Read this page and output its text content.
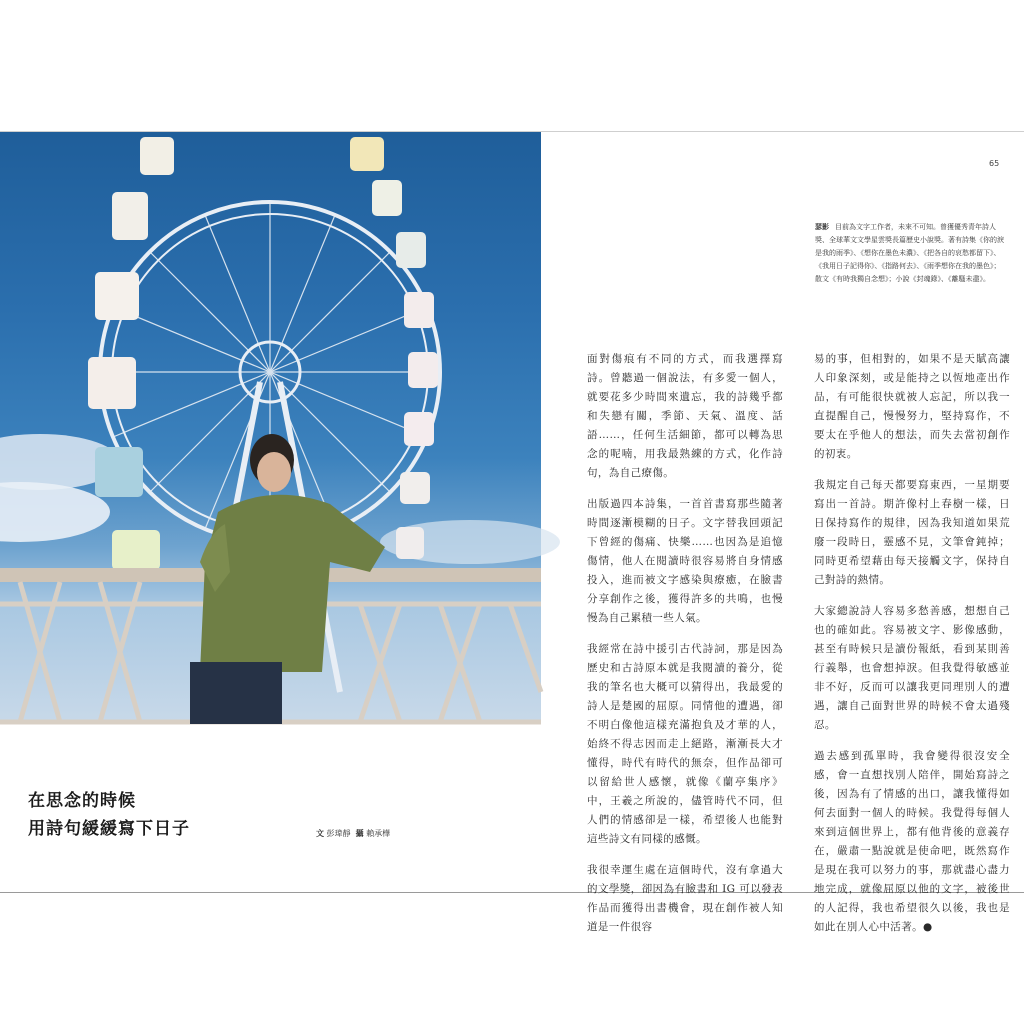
在思念的時候
用詩句緩緩寫下日子	文 彭瑋靜 攝 賴承樺
65
瑟影 目前為文字工作者，未來不可知。曾獲優秀青年詩人獎、全球華文文學星雲獎長篇歷史小說獎。著有詩集《你的淚是我的雨季》、《想你在墨色未濃》、《把各自的哀愁都留下》、《我用日子記得你》、《指路何去》、《雨季想你在我的墨色》；散文《有時我獨自念想》；小說《封魂錄》、《離騷未盡》。

面對傷痕有不同的方式，而我選擇寫詩。曾聽過一個說法，有多愛一個人，就要花多少時間來遺忘，我的詩幾乎都和失戀有關，季節、天氣、溫度、話語……，任何生活細節，都可以轉為思念的呢喃，用我最熟練的方式，化作詩句，為自己療傷。

出版過四本詩集，一首首書寫那些隨著時間逐漸模糊的日子。文字替我回頭記下曾經的傷痛、快樂……也因為是追憶傷情，他人在閱讀時很容易將自身情感投入，進而被文字感染與療癒，在臉書分享創作之後，獲得許多的共鳴，也慢慢為自己累積一些人氣。

我經常在詩中援引古代詩詞，那是因為歷史和古詩原本就是我閱讀的養分，從我的筆名也大概可以猜得出，我最愛的詩人是楚國的屈原。同情他的遭遇，卻不明白像他這樣充滿抱負及才華的人，始終不得志因而走上絕路，漸漸長大才懂得，時代有時代的無奈，但作品卻可以留給世人感懷，就像《蘭亭集序》中，王羲之所說的，儘管時代不同，但人們的情感卻是一樣，希望後人也能對這些詩文有同樣的感慨。

我很幸運生處在這個時代，沒有拿過大的文學獎，卻因為有臉書和 IG 可以發表作品而獲得出書機會，現在創作被人知道是一件很容

易的事，但相對的，如果不是天賦高讓人印象深刻，或是能持之以恆地產出作品，有可能很快就被人忘記，所以我一直提醒自己，慢慢努力，堅持寫作，不要太在乎他人的想法，而失去當初創作的初衷。

我規定自己每天都要寫東西，一星期要寫出一首詩。期許像村上春樹一樣，日日保持寫作的規律，因為我知道如果荒廢一段時日，靈感不見，文筆會鈍掉；同時更希望藉由每天接觸文字，保持自己對詩的熱情。

大家總說詩人容易多愁善感，想想自己也的確如此。容易被文字、影像感動，甚至有時候只是讀份報紙，看到某則善行義舉，也會想掉淚。但我覺得敏感並非不好，反而可以讓我更同理別人的遭遇，讓自己面對世界的時候不會太過殘忍。

過去感到孤單時，我會變得很沒安全感，會一直想找別人陪伴，開始寫詩之後，因為有了情感的出口，讓我懂得如何去面對一個人的時候。我覺得每個人來到這個世界上，都有他背後的意義存在，嚴肅一點說就是使命吧，既然寫作是現在我可以努力的事，那就盡心盡力地完成，就像屈原以他的文字，被後世的人記得，我也希望很久以後，我也是如此在別人心中活著。●
